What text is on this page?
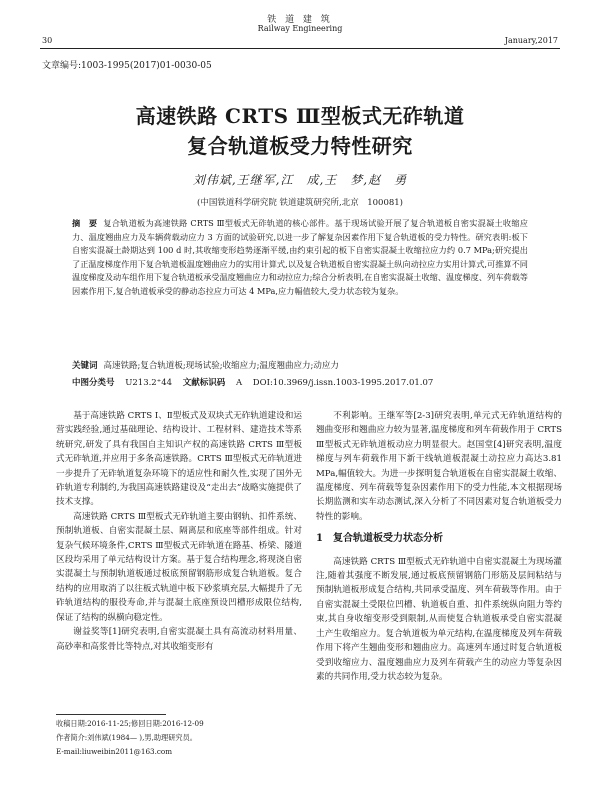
铁 道 建 筑
Railway Engineering
30	January,2017
文章编号:1003-1995(2017)01-0030-05
高速铁路 CRTS Ⅲ型板式无砟轨道
复合轨道板受力特性研究
刘伟斌,王继军,江　成,王　梦,赵　勇
(中国铁道科学研究院 铁道建筑研究所,北京　100081)
摘　要 复合轨道板为高速铁路 CRTS Ⅲ型板式无砟轨道的核心部件。基于现场试验开展了复合轨道板自密实混凝土收缩应力、温度翘曲应力及车辆荷载动应力 3 方面的试验研究,以进一步了解复杂因素作用下复合轨道板的受力特性。研究表明:板下自密实混凝土龄期达到 100 d 时,其收缩变形趋势逐渐平缓,由约束引起的板下自密实混凝土收缩拉应力约 0.7 MPa;研究提出了正温度梯度作用下复合轨道板温度翘曲应力的实用计算式,以及复合轨道板自密实混凝土纵向动拉应力实用计算式,可推算不同温度梯度及动车组作用下复合轨道板承受温度翘曲应力和动拉应力;综合分析表明,在自密实混凝土收缩、温度梯度、列车荷载等因素作用下,复合轨道板承受的静动态拉应力可达 4 MPa,应力幅值较大,受力状态较为复杂。
关键词 高速铁路;复合轨道板;现场试验;收缩应力;温度翘曲应力;动应力
中图分类号 U213.2⁺44 文献标识码 A DOI:10.3969/j.issn.1003-1995.2017.01.07

基于高速铁路 CRTS Ⅰ、Ⅱ型板式及双块式无砟轨道建设和运营实践经验,通过基础理论、结构设计、工程材料、建造技术等系统研究,研发了具有我国自主知识产权的高速铁路 CRTS Ⅲ型板式无砟轨道,并应用于多条高速铁路。CRTS Ⅲ型板式无砟轨道进一步提升了无砟轨道复杂环境下的适应性和耐久性,实现了国外无砟轨道专利制约,为我国高速铁路建设及“走出去”战略实施提供了技术支撑。

高速铁路 CRTS Ⅲ型板式无砟轨道主要由钢轨、扣件系统、预制轨道板、自密实混凝土层、隔离层和底座等部件组成。针对复杂气候环境条件,CRTS Ⅲ型板式无砟轨道在路基、桥梁、隧道区段均采用了单元结构设计方案。基于复合结构理念,将现浇自密实混凝土与预制轨道板通过板底预留钢筋形成复合轨道板。复合结构的应用取消了以往板式轨道中板下砂浆填充层,大幅提升了无砟轨道结构的服役寿命,并与混凝土底座预设凹槽形成限位结构,保证了结构的纵横向稳定性。

谢益奖等[1]研究表明,自密实混凝土具有高流动材料用量、高砂率和高浆骨比等特点,对其收缩变形有

不利影响。王继军等[2-3]研究表明,单元式无砟轨道结构的翘曲变形和翘曲应力较为显著,温度梯度和列车荷载作用于 CRTS Ⅲ型板式无砟轨道板动应力明显很大。赵国堂[4]研究表明,温度梯度与列车荷载作用下新干线轨道板混凝土动拉应力高达3.81 MPa,幅值较大。为进一步探明复合轨道板在自密实混凝土收缩、温度梯度、列车荷载等复杂因素作用下的受力性能,本文根据现场长期监测和实车动态测试,深入分析了不同因素对复合轨道板受力特性的影响。

1　复合轨道板受力状态分析

高速铁路 CRTS Ⅲ型板式无砟轨道中自密实混凝土为现场灌注,随着其强度不断发展,通过板底预留钢筋门形筋及层间粘结与预制轨道板形成复合结构,共同承受温度、列车荷载等作用。由于自密实混凝土受限位凹槽、轨道板自重、扣件系统纵向阻力等约束,其自身收缩变形受到限制,从而使复合轨道板承受自密实混凝土产生收缩应力。复合轨道板为单元结构,在温度梯度及列车荷载作用下将产生翘曲变形和翘曲应力。高速列车通过时复合轨道板受到收缩应力、温度翘曲应力及列车荷载产生的动应力等复杂因素的共同作用,受力状态较为复杂。

收稿日期:2016-11-25;修回日期:2016-12-09
作者简介:刘伟斌(1984— ),男,助理研究员。
E-mail:liuweibin2011@163.com
